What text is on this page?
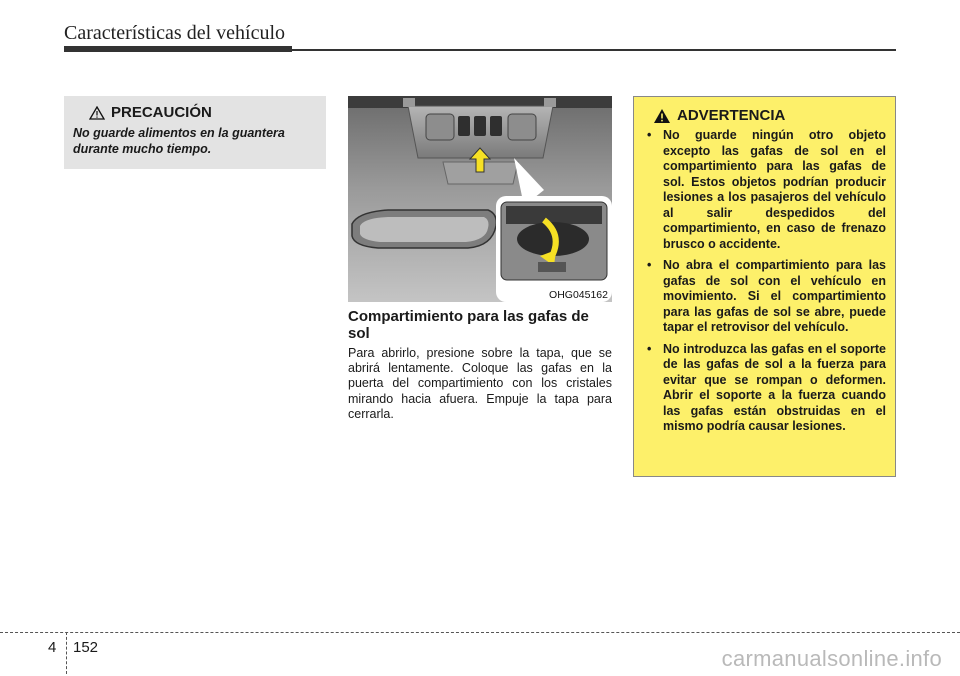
Características del vehículo
PRECAUCIÓN
No guarde alimentos en la guantera durante mucho tiempo.
OHG045162
Compartimiento para las gafas de sol
Para abrirlo, presione sobre la tapa, que se abrirá lentamente. Coloque las gafas en la puerta del compartimiento con los cristales mirando hacia afuera. Empuje la tapa para cerrarla.
ADVERTENCIA
• No guarde ningún otro objeto excepto las gafas de sol en el compartimiento para las gafas de sol. Estos objetos podrían producir lesiones a los pasajeros del vehículo al salir despedidos del compartimiento, en caso de frenazo brusco o accidente.
• No abra el compartimiento para las gafas de sol con el vehículo en movimiento. Si el compartimiento para las gafas de sol se abre, puede tapar el retrovisor del vehículo.
• No introduzca las gafas en el soporte de las gafas de sol a la fuerza para evitar que se rompan o deformen. Abrir el soporte a la fuerza cuando las gafas están obstruidas en el mismo podría causar lesiones.
4 152	carmanualsonline.info
